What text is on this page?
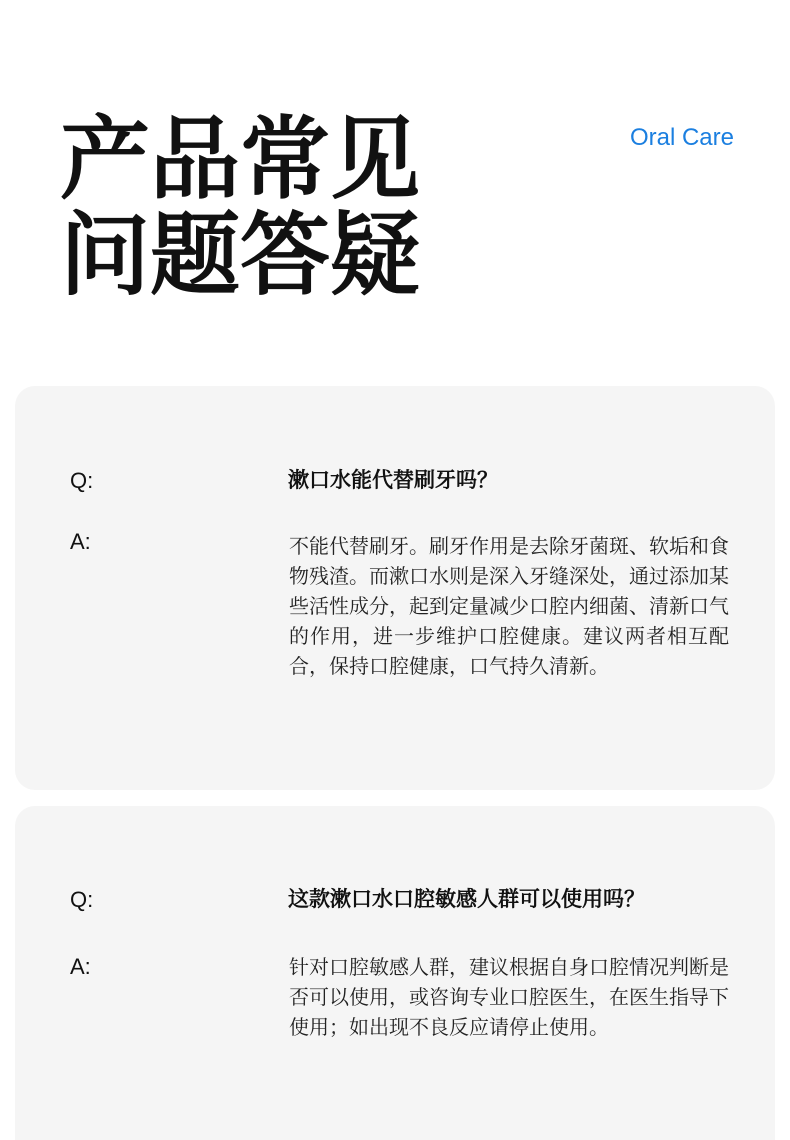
产品常见
问题答疑
Oral Care
Q:	漱口水能代替刷牙吗？
A:	不能代替刷牙。刷牙作用是去除牙菌斑、软垢和食物残渣。而漱口水则是深入牙缝深处，通过添加某些活性成分，起到定量减少口腔内细菌、清新口气的作用，进一步维护口腔健康。建议两者相互配合，保持口腔健康，口气持久清新。
Q:	这款漱口水口腔敏感人群可以使用吗？
A:	针对口腔敏感人群，建议根据自身口腔情况判断是否可以使用，或咨询专业口腔医生，在医生指导下使用；如出现不良反应请停止使用。
